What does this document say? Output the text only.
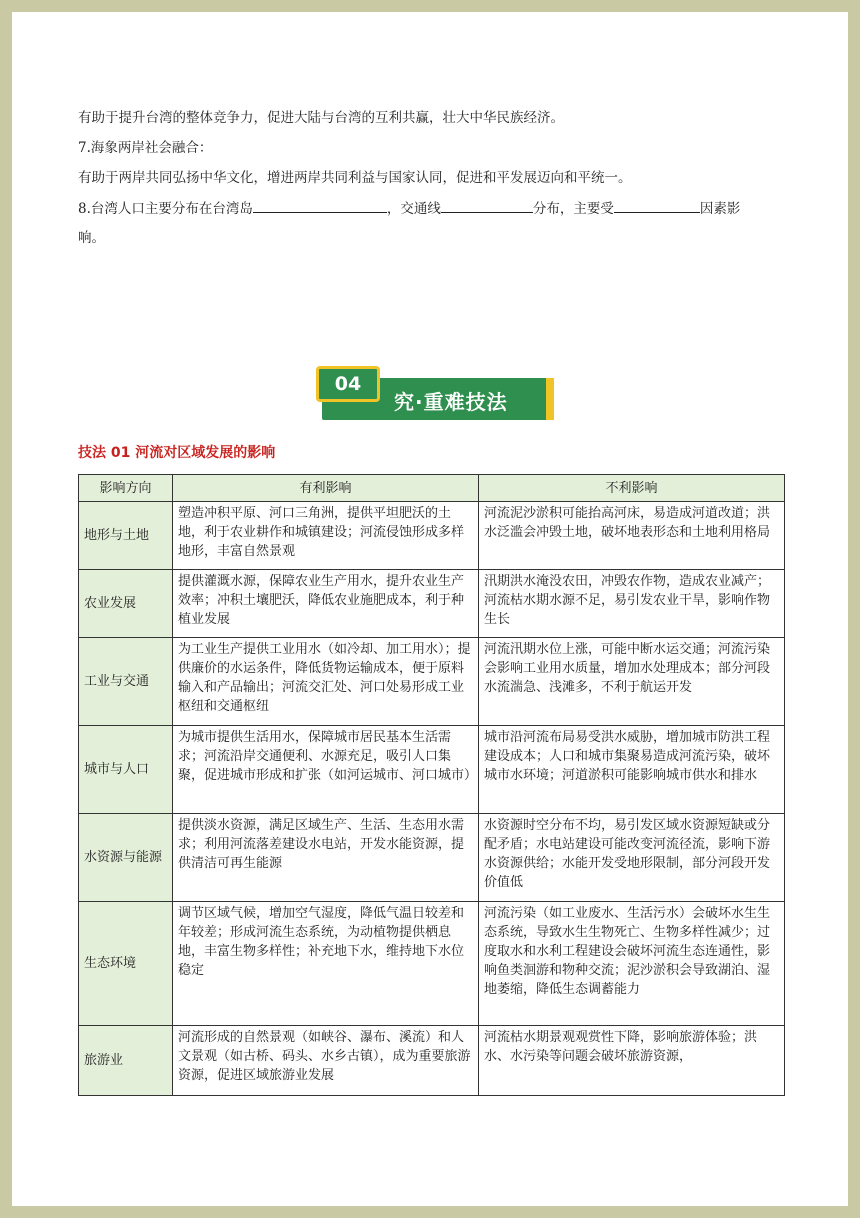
有助于提升台湾的整体竞争力，促进大陆与台湾的互利共赢，壮大中华民族经济。
7.海象两岸社会融合：
有助于两岸共同弘扬中华文化，增进两岸共同利益与国家认同，促进和平发展迈向和平统一。
8.台湾人口主要分布在台湾岛	，交通线	分布，主要受	因素影
响。
04
究·重难技法
技法 01 河流对区域发展的影响
影响方向	有利影响	不利影响
地形与土地	塑造冲积平原、河口三角洲，提供平坦肥沃的土地，利于农业耕作和城镇建设；河流侵蚀形成多样地形，丰富自然景观	河流泥沙淤积可能抬高河床，易造成河道改道；洪水泛滥会冲毁土地，破坏地表形态和土地利用格局
农业发展	提供灌溉水源，保障农业生产用水，提升农业生产效率；冲积土壤肥沃，降低农业施肥成本，利于种植业发展	汛期洪水淹没农田，冲毁农作物，造成农业减产；河流枯水期水源不足，易引发农业干旱，影响作物生长
工业与交通	为工业生产提供工业用水（如冷却、加工用水）；提供廉价的水运条件，降低货物运输成本，便于原料输入和产品输出；河流交汇处、河口处易形成工业枢纽和交通枢纽	河流汛期水位上涨，可能中断水运交通；河流污染会影响工业用水质量，增加水处理成本；部分河段水流湍急、浅滩多，不利于航运开发
城市与人口	为城市提供生活用水，保障城市居民基本生活需求；河流沿岸交通便利、水源充足，吸引人口集聚，促进城市形成和扩张（如河运城市、河口城市）	城市沿河流布局易受洪水威胁，增加城市防洪工程建设成本；人口和城市集聚易造成河流污染，破坏城市水环境；河道淤积可能影响城市供水和排水
水资源与能源	提供淡水资源，满足区域生产、生活、生态用水需求；利用河流落差建设水电站，开发水能资源，提供清洁可再生能源	水资源时空分布不均，易引发区域水资源短缺或分配矛盾；水电站建设可能改变河流径流，影响下游水资源供给；水能开发受地形限制，部分河段开发价值低
生态环境	调节区域气候，增加空气湿度，降低气温日较差和年较差；形成河流生态系统，为动植物提供栖息地，丰富生物多样性；补充地下水，维持地下水位稳定	河流污染（如工业废水、生活污水）会破坏水生生态系统，导致水生生物死亡、生物多样性减少；过度取水和水利工程建设会破坏河流生态连通性，影响鱼类洄游和物种交流；泥沙淤积会导致湖泊、湿地萎缩，降低生态调蓄能力
旅游业	河流形成的自然景观（如峡谷、瀑布、溪流）和人文景观（如古桥、码头、水乡古镇），成为重要旅游资源，促进区域旅游业发展	河流枯水期景观观赏性下降，影响旅游体验；洪水、水污染等问题会破坏旅游资源，
